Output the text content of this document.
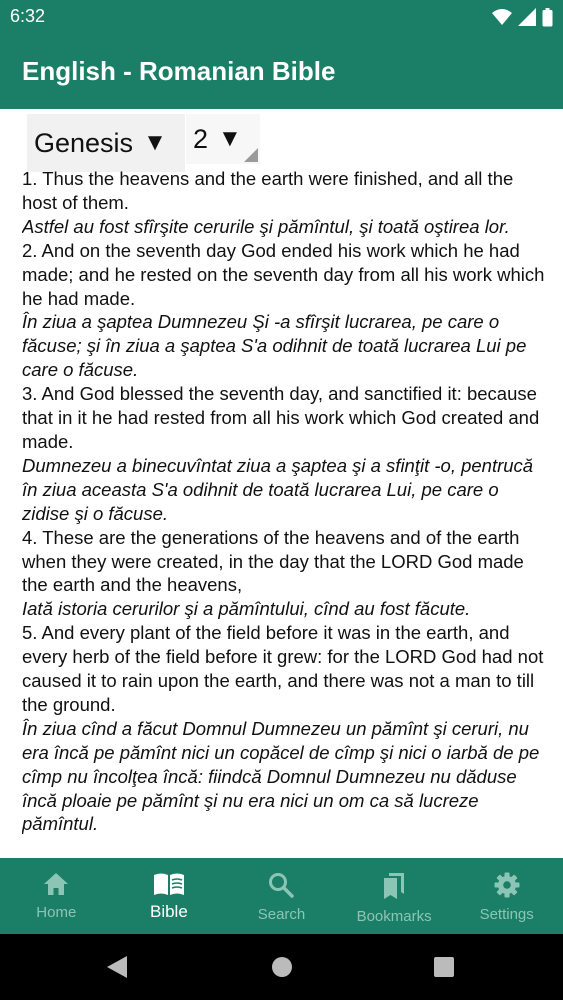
6:32
English - Romanian Bible
Genesis ▼ 2 ▼
1. Thus the heavens and the earth were finished, and all the host of them.
Astfel au fost sfîrşite cerurile şi pămîntul, şi toată oştirea lor.
2. And on the seventh day God ended his work which he had made; and he rested on the seventh day from all his work which he had made.
În ziua a şaptea Dumnezeu Şi -a sfîrşit lucrarea, pe care o făcuse; şi în ziua a şaptea S'a odihnit de toată lucrarea Lui pe care o făcuse.
3. And God blessed the seventh day, and sanctified it: because that in it he had rested from all his work which God created and made.
Dumnezeu a binecuvîntat ziua a şaptea şi a sfinţit -o, pentrucă în ziua aceasta S'a odihnit de toată lucrarea Lui, pe care o zidise şi o făcuse.
4. These are the generations of the heavens and of the earth when they were created, in the day that the LORD God made the earth and the heavens,
Iată istoria cerurilor şi a pămîntului, cînd au fost făcute.
5. And every plant of the field before it was in the earth, and every herb of the field before it grew: for the LORD God had not caused it to rain upon the earth, and there was not a man to till the ground.
În ziua cînd a făcut Domnul Dumnezeu un pămînt şi ceruri, nu era încă pe pămînt nici un copăcel de cîmp şi nici o iarbă de pe cîmp nu încolţea încă: fiindcă Domnul Dumnezeu nu dăduse încă ploaie pe pămînt şi nu era nici un om ca să lucreze pămîntul.
Home	Bible	Search	Bookmarks	Settings
